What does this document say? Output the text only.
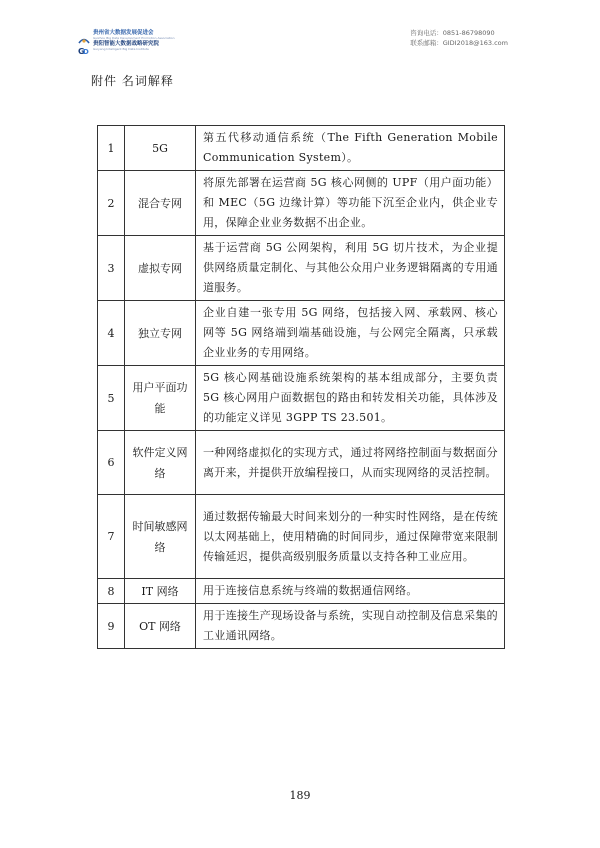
贵州省大数据发展促进会
Guizhou Big Data Development Promotion Association
G
D
贵阳智能大数据战略研究院
Guiyang Intelligent Big Data Institute
咨询电话：0851-86798090
联系邮箱：GIDI2018@163.com
附件 名词解释
1	5G	第五代移动通信系统（The Fifth Generation Mobile Communication System）。
2	混合专网	将原先部署在运营商 5G 核心网侧的 UPF（用户面功能）和 MEC（5G 边缘计算）等功能下沉至企业内，供企业专用，保障企业业务数据不出企业。
3	虚拟专网	基于运营商 5G 公网架构，利用 5G 切片技术，为企业提供网络质量定制化、与其他公众用户业务逻辑隔离的专用通道服务。
4	独立专网	企业自建一张专用 5G 网络，包括接入网、承载网、核心网等 5G 网络端到端基础设施，与公网完全隔离，只承载企业业务的专用网络。
5	用户平面功能	5G 核心网基础设施系统架构的基本组成部分，主要负责 5G 核心网用户面数据包的路由和转发相关功能，具体涉及的功能定义详见 3GPP TS 23.501。
6	软件定义网络	一种网络虚拟化的实现方式，通过将网络控制面与数据面分离开来，并提供开放编程接口，从而实现网络的灵活控制。
7	时间敏感网络	通过数据传输最大时间来划分的一种实时性网络，是在传统以太网基础上，使用精确的时间同步，通过保障带宽来限制传输延迟，提供高级别服务质量以支持各种工业应用。
8	IT 网络	用于连接信息系统与终端的数据通信网络。
9	OT 网络	用于连接生产现场设备与系统，实现自动控制及信息采集的工业通讯网络。
189
